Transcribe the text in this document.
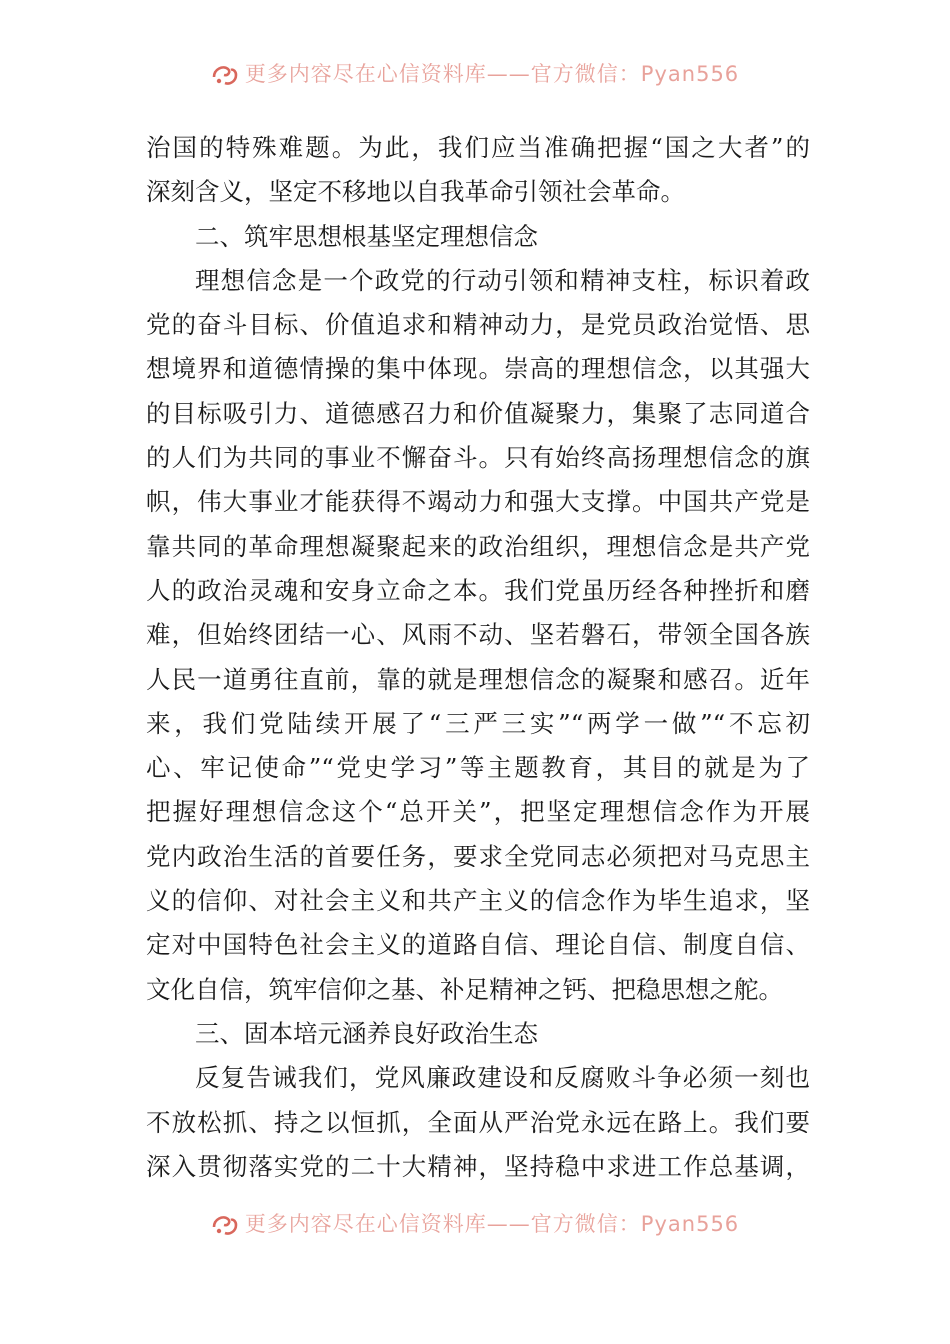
更多内容尽在心信资料库——官方微信：Pyan556
治国的特殊难题。为此，我们应当准确把握“国之大者”的
深刻含义，坚定不移地以自我革命引领社会革命。
二、筑牢思想根基坚定理想信念
理想信念是一个政党的行动引领和精神支柱，标识着政
党的奋斗目标、价值追求和精神动力，是党员政治觉悟、思
想境界和道德情操的集中体现。崇高的理想信念，以其强大
的目标吸引力、道德感召力和价值凝聚力，集聚了志同道合
的人们为共同的事业不懈奋斗。只有始终高扬理想信念的旗
帜，伟大事业才能获得不竭动力和强大支撑。中国共产党是
靠共同的革命理想凝聚起来的政治组织，理想信念是共产党
人的政治灵魂和安身立命之本。我们党虽历经各种挫折和磨
难，但始终团结一心、风雨不动、坚若磐石，带领全国各族
人民一道勇往直前，靠的就是理想信念的凝聚和感召。近年
来，我们党陆续开展了“三严三实”“两学一做”“不忘初
心、牢记使命”“党史学习”等主题教育，其目的就是为了
把握好理想信念这个“总开关”，把坚定理想信念作为开展
党内政治生活的首要任务，要求全党同志必须把对马克思主
义的信仰、对社会主义和共产主义的信念作为毕生追求，坚
定对中国特色社会主义的道路自信、理论自信、制度自信、
文化自信，筑牢信仰之基、补足精神之钙、把稳思想之舵。
三、固本培元涵养良好政治生态
反复告诫我们，党风廉政建设和反腐败斗争必须一刻也
不放松抓、持之以恒抓，全面从严治党永远在路上。我们要
深入贯彻落实党的二十大精神，坚持稳中求进工作总基调，
更多内容尽在心信资料库——官方微信：Pyan556
